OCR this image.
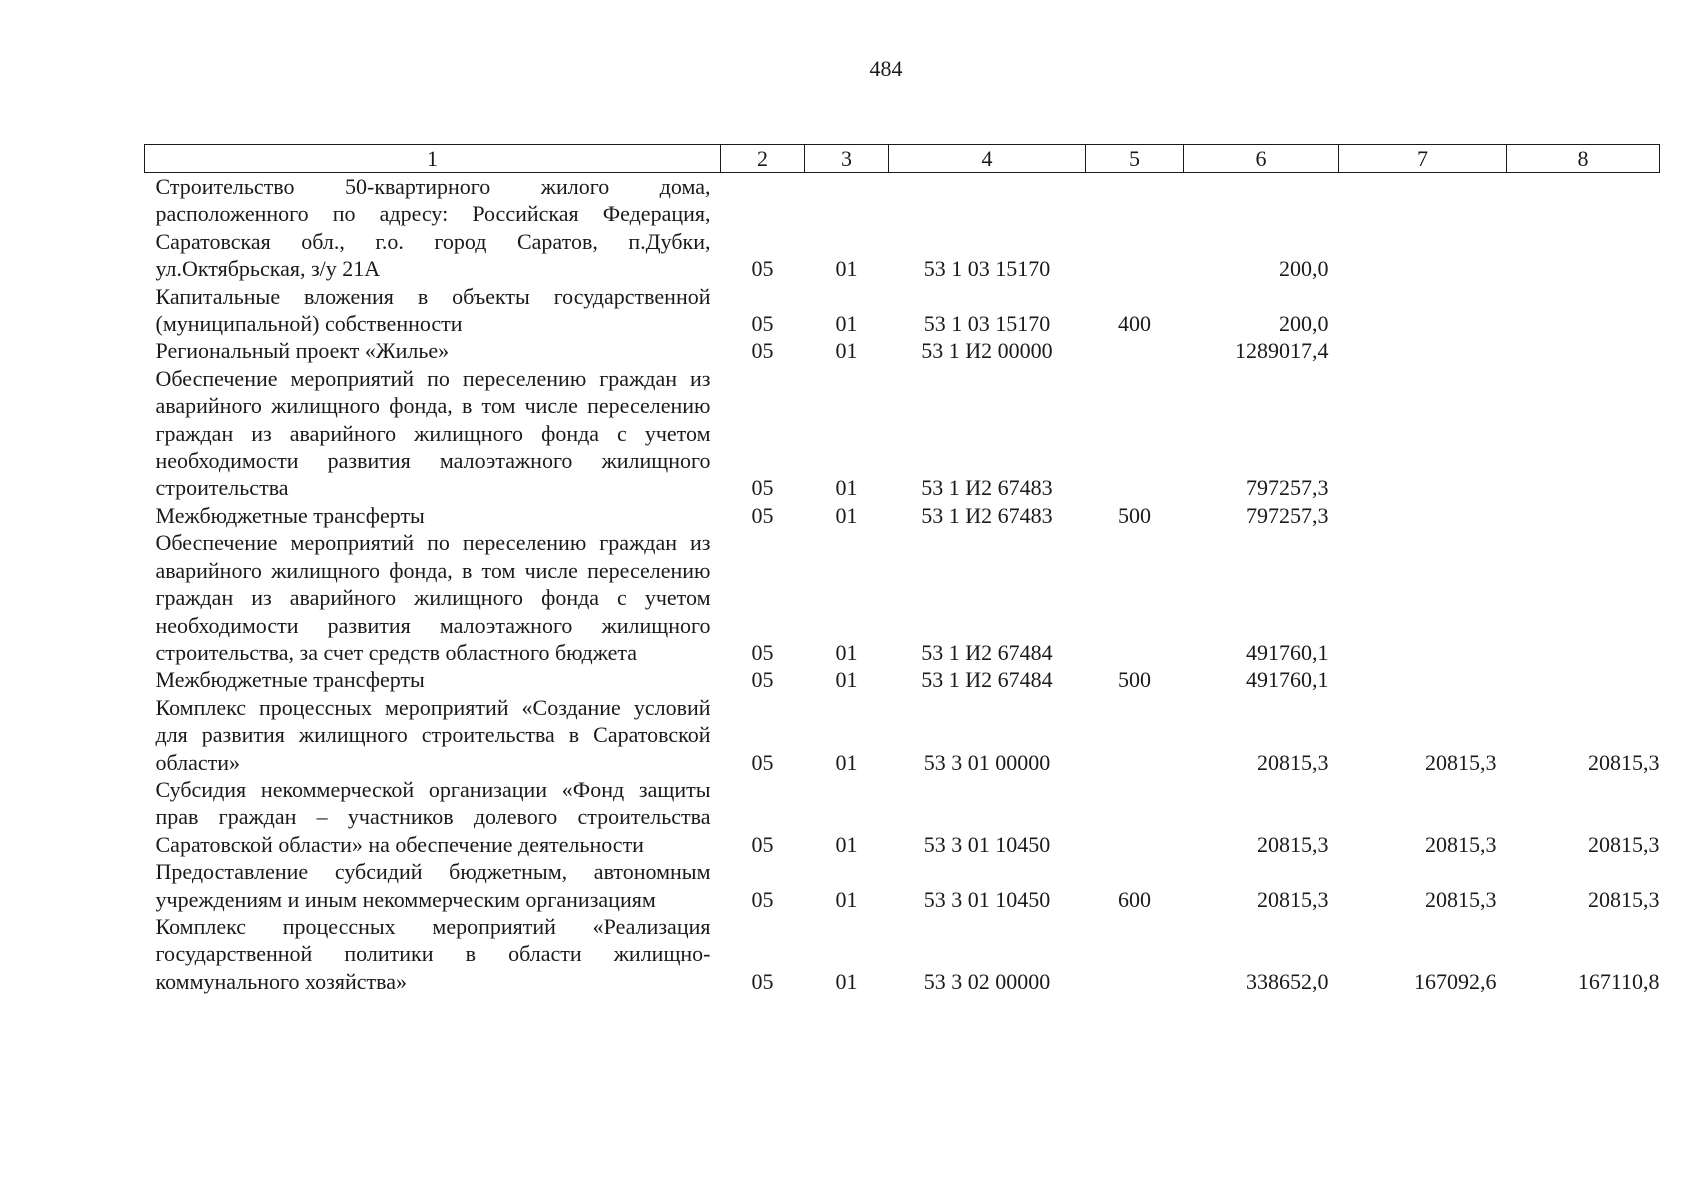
484
1	2	3	4	5	6	7	8
Строительство 50-квартирного жилого дома, расположенного по адресу: Российская Федерация, Саратовская обл., г.о. город Саратов, п.Дубки, ул.Октябрьская, з/у 21А	05	01	53 1 03 15170		200,0		
Капитальные вложения в объекты государственной (муниципальной) собственности	05	01	53 1 03 15170	400	200,0		
Региональный проект «Жилье»	05	01	53 1 И2 00000		1289017,4		
Обеспечение мероприятий по переселению граждан из аварийного жилищного фонда, в том числе переселению граждан из аварийного жилищного фонда с учетом необходимости развития малоэтажного жилищного строительства	05	01	53 1 И2 67483		797257,3		
Межбюджетные трансферты	05	01	53 1 И2 67483	500	797257,3		
Обеспечение мероприятий по переселению граждан из аварийного жилищного фонда, в том числе переселению граждан из аварийного жилищного фонда с учетом необходимости развития малоэтажного жилищного строительства, за счет средств областного бюджета	05	01	53 1 И2 67484		491760,1		
Межбюджетные трансферты	05	01	53 1 И2 67484	500	491760,1		
Комплекс процессных мероприятий «Создание условий для развития жилищного строительства в Саратовской области»	05	01	53 3 01 00000		20815,3	20815,3	20815,3
Субсидия некоммерческой организации «Фонд защиты прав граждан – участников долевого строительства Саратовской области» на обеспечение деятельности	05	01	53 3 01 10450		20815,3	20815,3	20815,3
Предоставление субсидий бюджетным, автономным учреждениям и иным некоммерческим организациям	05	01	53 3 01 10450	600	20815,3	20815,3	20815,3
Комплекс процессных мероприятий «Реализация государственной политики в области жилищно-коммунального хозяйства»	05	01	53 3 02 00000		338652,0	167092,6	167110,8
